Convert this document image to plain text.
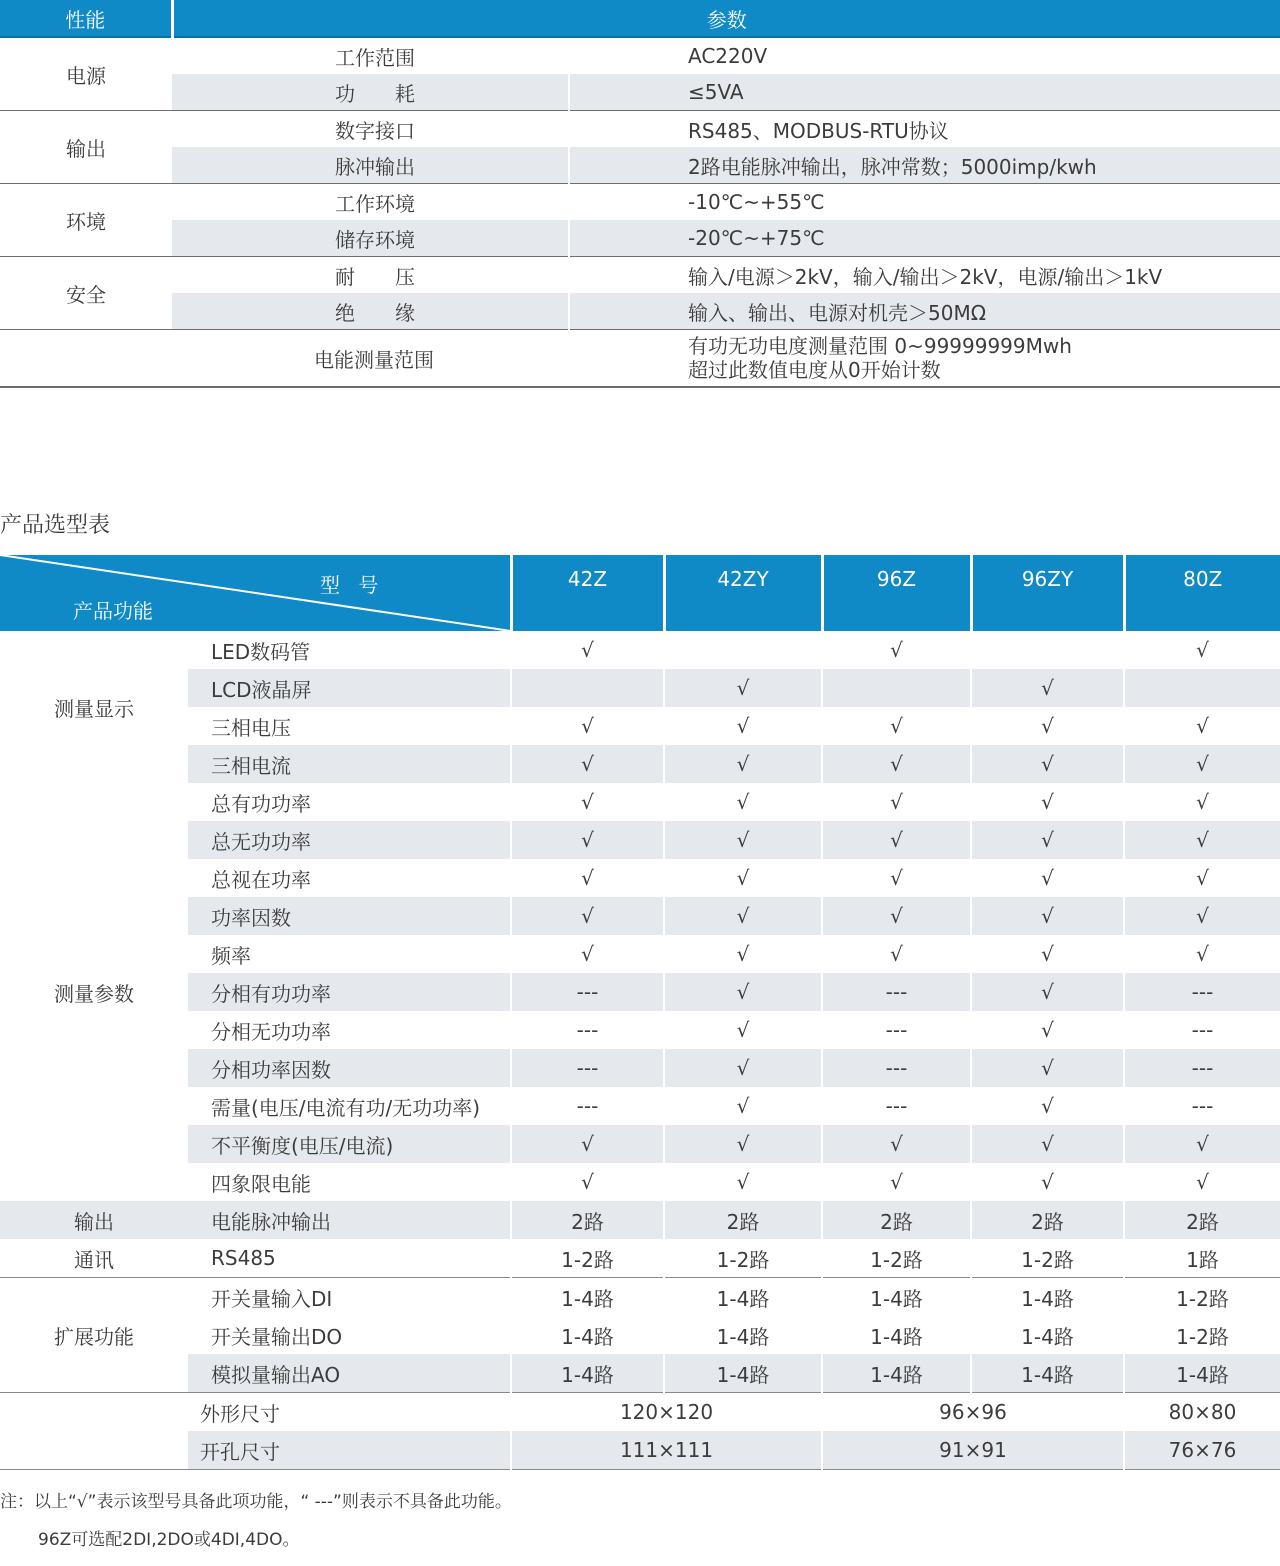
性能	参数	
电源	工作范围	AC220V
	功　　耗	≤5VA
输出	数字接口	RS485、MODBUS-RTU协议
	脉冲输出	2路电能脉冲输出，脉冲常数；5000imp/kwh
环境	工作环境	-10℃~+55℃
	储存环境	-20℃~+75℃
安全	耐　　压	输入/电源＞2kV，输入/输出＞2kV，电源/输出＞1kV
	绝　　缘	输入、输出、电源对机壳＞50MΩ
	电能测量范围	有功无功电度测量范围 0~99999999Mwh
超过此数值电度从0开始计数
产品选型表
型 号
产品功能		42Z	42ZY	96Z	96ZY	80Z
测量显示	LED数码管	√		√		√
	LCD液晶屏		√		√	
	三相电压	√	√	√	√	√
	三相电流	√	√	√	√	√
测量参数	总有功功率	√	√	√	√	√
	总无功功率	√	√	√	√	√
	总视在功率	√	√	√	√	√
	功率因数	√	√	√	√	√
	频率	√	√	√	√	√
	分相有功功率	---	√	---	√	---
	分相无功功率	---	√	---	√	---
	分相功率因数	---	√	---	√	---
	需量(电压/电流有功/无功功率)	---	√	---	√	---
	不平衡度(电压/电流)	√	√	√	√	√
	四象限电能	√	√	√	√	√
输出	电能脉冲输出	2路	2路	2路	2路	2路
通讯	RS485	1-2路	1-2路	1-2路	1-2路	1路
扩展功能	开关量输入DI	1-4路	1-4路	1-4路	1-4路	1-2路
	开关量输出DO	1-4路	1-4路	1-4路	1-4路	1-2路
	模拟量输出AO	1-4路	1-4路	1-4路	1-4路	1-4路
	外形尺寸	120×120		96×96		80×80
	开孔尺寸	111×111		91×91		76×76
注：以上“√”表示该型号具备此项功能，“ ---”则表示不具备此功能。
96Z可选配2DI,2DO或4DI,4DO。
